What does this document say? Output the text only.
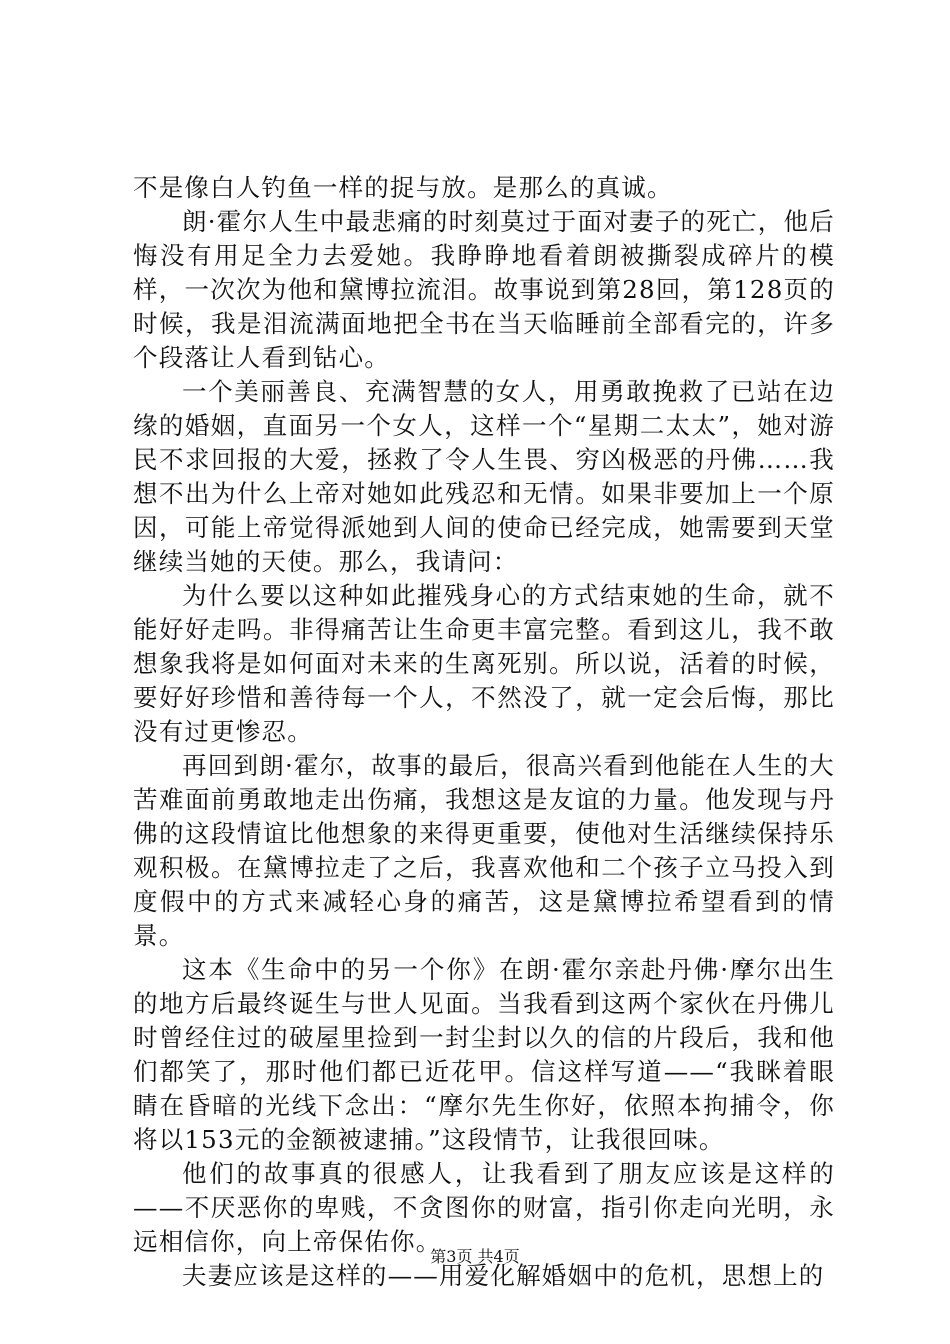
不是像白人钓鱼一样的捉与放。是那么的真诚。

朗·霍尔人生中最悲痛的时刻莫过于面对妻子的死亡，他后悔没有用足全力去爱她。我睁睁地看着朗被撕裂成碎片的模样，一次次为他和黛博拉流泪。故事说到第28回，第128页的时候，我是泪流满面地把全书在当天临睡前全部看完的，许多个段落让人看到钻心。

一个美丽善良、充满智慧的女人，用勇敢挽救了已站在边缘的婚姻，直面另一个女人，这样一个“星期二太太”，她对游民不求回报的大爱，拯救了令人生畏、穷凶极恶的丹佛……我想不出为什么上帝对她如此残忍和无情。如果非要加上一个原因，可能上帝觉得派她到人间的使命已经完成，她需要到天堂继续当她的天使。那么，我请问：

为什么要以这种如此摧残身心的方式结束她的生命，就不能好好走吗。非得痛苦让生命更丰富完整。看到这儿，我不敢想象我将是如何面对未来的生离死别。所以说，活着的时候，要好好珍惜和善待每一个人，不然没了，就一定会后悔，那比没有过更惨忍。

再回到朗·霍尔，故事的最后，很高兴看到他能在人生的大苦难面前勇敢地走出伤痛，我想这是友谊的力量。他发现与丹佛的这段情谊比他想象的来得更重要，使他对生活继续保持乐观积极。在黛博拉走了之后，我喜欢他和二个孩子立马投入到度假中的方式来减轻心身的痛苦，这是黛博拉希望看到的情景。

这本《生命中的另一个你》在朗·霍尔亲赴丹佛·摩尔出生的地方后最终诞生与世人见面。当我看到这两个家伙在丹佛儿时曾经住过的破屋里捡到一封尘封以久的信的片段后，我和他们都笑了，那时他们都已近花甲。信这样写道——“我眯着眼睛在昏暗的光线下念出：“摩尔先生你好，依照本拘捕令，你将以153元的金额被逮捕。”这段情节，让我很回味。

他们的故事真的很感人，让我看到了朋友应该是这样的——不厌恶你的卑贱，不贪图你的财富，指引你走向光明，永远相信你，向上帝保佑你。

夫妻应该是这样的——用爱化解婚姻中的危机，思想上的

第3页 共4页
